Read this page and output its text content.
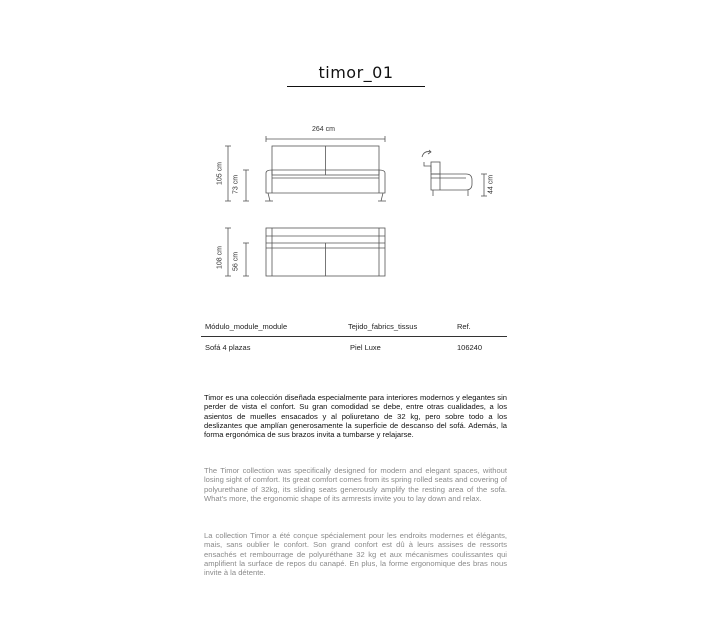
timor_01
264 cm
105 cm 73 cm	44 cm
108 cm 56 cm
Módulo_module_module	Tejido_fabrics_tissus	Ref.
Sofá 4 plazas	Piel Luxe	106240
Timor es una colección diseñada especialmente para interiores modernos y elegantes sin perder de vista el confort. Su gran comodidad se debe, entre otras cualidades, a los asientos de muelles ensacados y al poliuretano de 32 kg, pero sobre todo a los deslizantes que amplían generosamente la superficie de descanso del sofá. Además, la forma ergonómica de sus brazos invita a tumbarse y relajarse.
The Timor collection was specifically designed for modern and elegant spaces, without losing sight of comfort. Its great comfort comes from its spring rolled seats and covering of polyurethane of 32kg, its sliding seats generously amplify the resting area of the sofa. What's more, the ergonomic shape of its armrests invite you to lay down and relax.
La collection Timor a été conçue spécialement pour les endroits modernes et élégants, mais, sans oublier le confort. Son grand confort est dû à leurs assises de ressorts ensachés et rembourrage de polyuréthane 32 kg et aux mécanismes coulissantes qui amplifient la surface de repos du canapé. En plus, la forme ergonomique des bras nous invite à la détente.
